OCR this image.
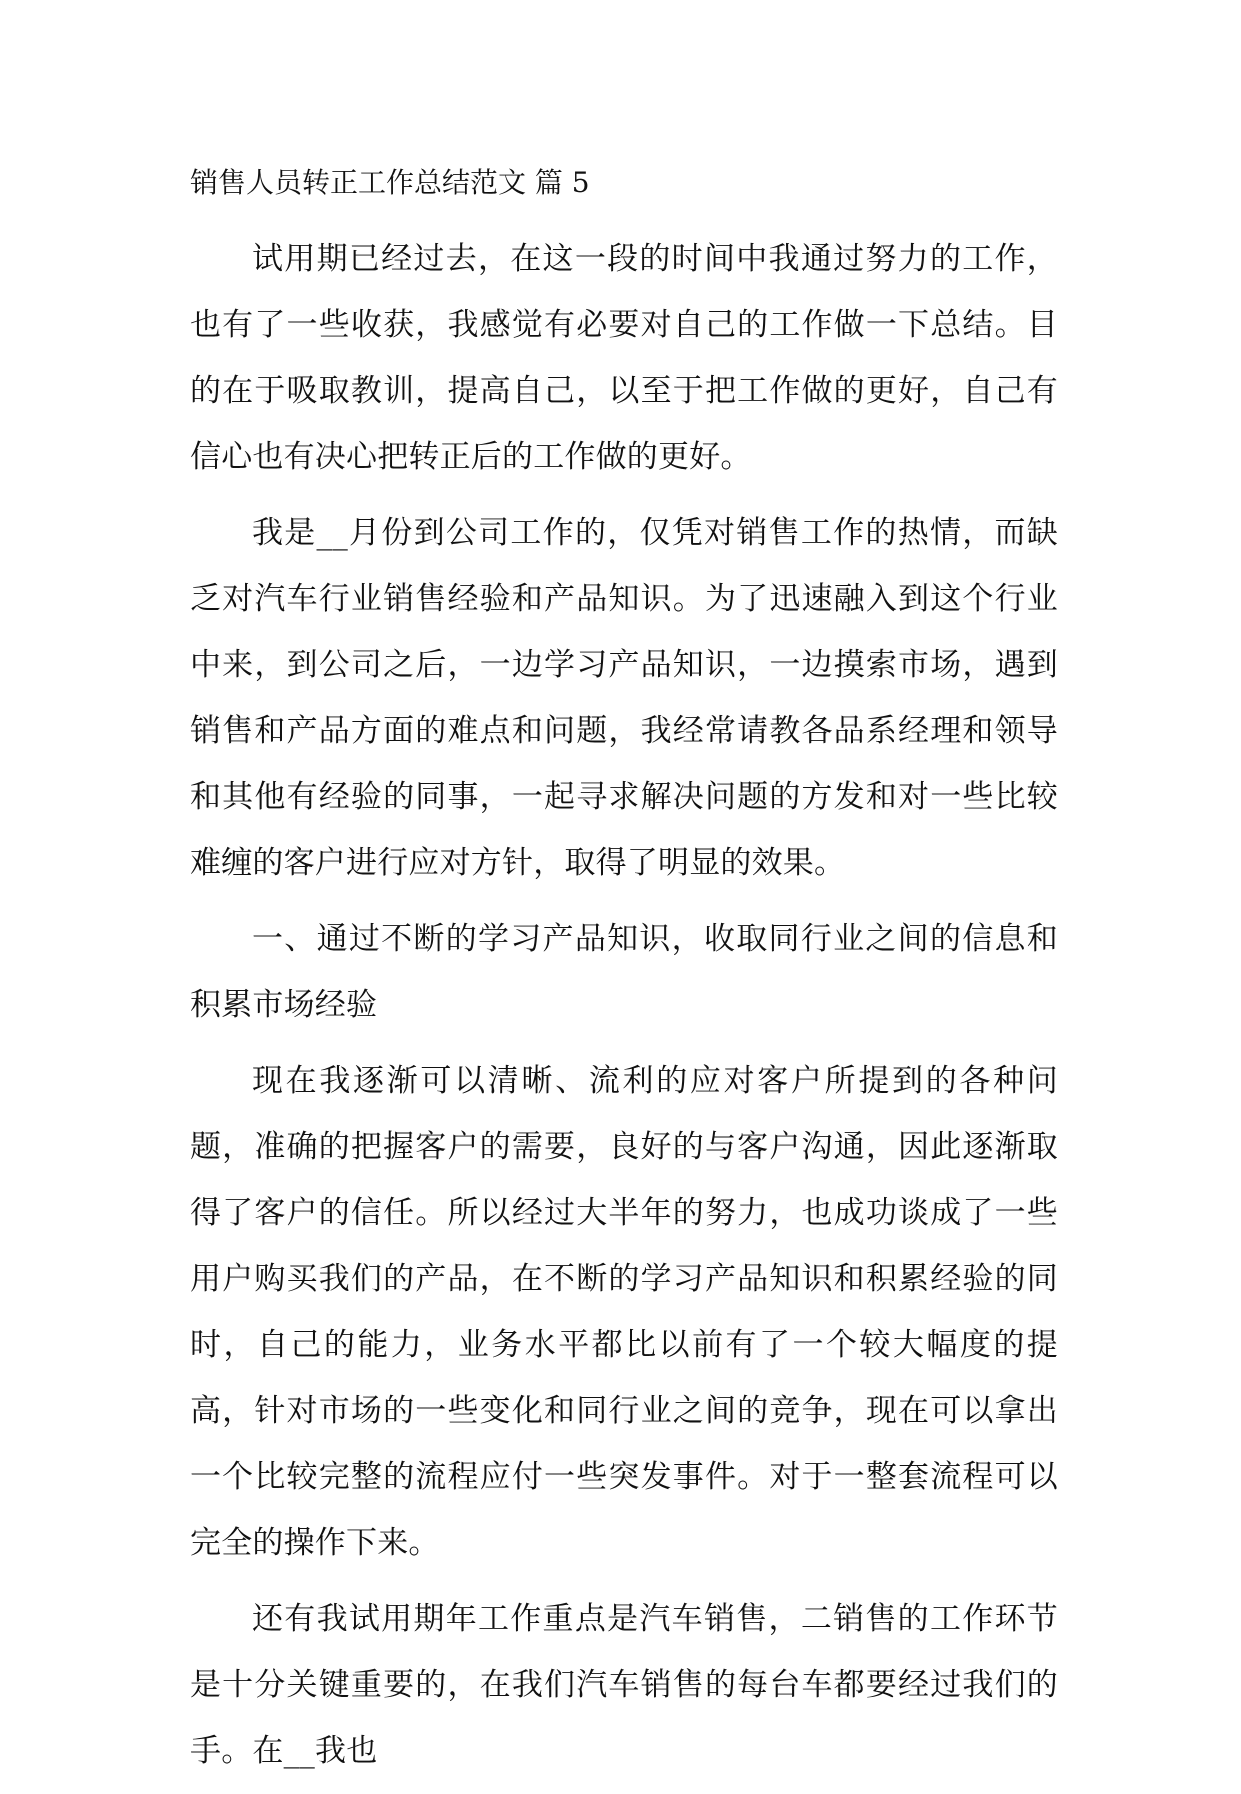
销售人员转正工作总结范文 篇 5

试用期已经过去，在这一段的时间中我通过努力的工作，也有了一些收获，我感觉有必要对自己的工作做一下总结。目的在于吸取教训，提高自己，以至于把工作做的更好，自己有信心也有决心把转正后的工作做的更好。

我是__月份到公司工作的，仅凭对销售工作的热情，而缺乏对汽车行业销售经验和产品知识。为了迅速融入到这个行业中来，到公司之后，一边学习产品知识，一边摸索市场，遇到销售和产品方面的难点和问题，我经常请教各品系经理和领导和其他有经验的同事，一起寻求解决问题的方发和对一些比较难缠的客户进行应对方针，取得了明显的效果。

一、通过不断的学习产品知识，收取同行业之间的信息和积累市场经验

现在我逐渐可以清晰、流利的应对客户所提到的各种问题，准确的把握客户的需要，良好的与客户沟通，因此逐渐取得了客户的信任。所以经过大半年的努力，也成功谈成了一些用户购买我们的产品，在不断的学习产品知识和积累经验的同时，自己的能力，业务水平都比以前有了一个较大幅度的提高，针对市场的一些变化和同行业之间的竞争，现在可以拿出一个比较完整的流程应付一些突发事件。对于一整套流程可以完全的操作下来。

还有我试用期年工作重点是汽车销售，二销售的工作环节是十分关键重要的，在我们汽车销售的每台车都要经过我们的手。在__我也
